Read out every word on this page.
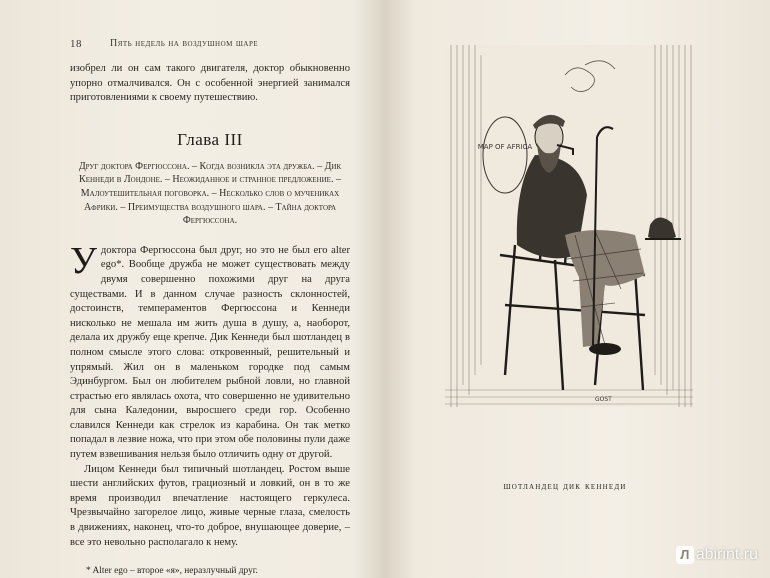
18	Пять недель на воздушном шаре

изобрел ли он сам такого двигателя, доктор обыкновенно упорно отмалчивался. Он с особенной энергией занимался приготовлениями к своему путешествию.

Глава III

Друг доктора Фергюссона. – Когда возникла эта дружба. – Дик Кеннеди в Лондоне. – Неожиданное и странное предложение. – Малоутешительная поговорка. – Несколько слов о мучениках Африки. – Преимущества воздушного шара. – Тайна доктора Фергюссона.

У доктора Фергюссона был друг, но это не был его alter ego*. Вообще дружба не может существовать между двумя совершенно похожими друг на друга существами. И в данном случае разность склонностей, достоинств, темпераментов Фергюссона и Кеннеди нисколько не мешала им жить душа в душу, а, наоборот, делала их дружбу еще крепче. Дик Кеннеди был шотландец в полном смысле этого слова: откровенный, решительный и упрямый. Жил он в маленьком городке под самым Эдинбургом. Был он любителем рыбной ловли, но главной страстью его являлась охота, что совершенно не удивительно для сына Каледонии, выросшего среди гор. Особенно славился Кеннеди как стрелок из карабина. Он так метко попадал в лезвие ножа, что при этом обе половины пули даже путем взвешивания нельзя было отличить одну от другой.

Лицом Кеннеди был типичный шотландец. Ростом выше шести английских футов, грациозный и ловкий, он в то же время производил впечатление настоящего геркулеса. Чрезвычайно загорелое лицо, живые черные глаза, смелость в движениях, наконец, что-то доброе, внушающее доверие, – все это невольно располагало к нему.

* Alter ego – второе «я», неразлучный друг.
MAP OF AFRICA
GOST
шотландец дик кеннеди
Л abirint.ru
